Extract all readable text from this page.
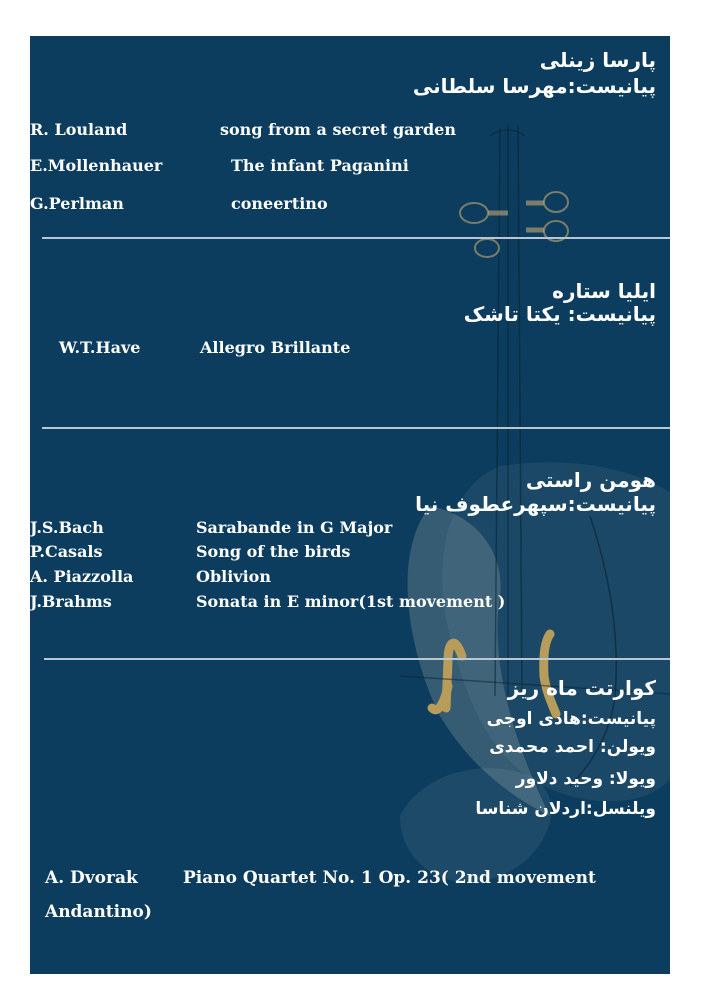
پارسا زینلی

پیانیست:مهرسا سلطانی

R. Louland	song from a secret garden
E.Mollenhauer	The infant Paganini
G.Perlman	coneertino

ایلیا ستاره

پیانیست: یکتا تاشک

W.T.Have	Allegro Brillante

هومن راستی

پیانیست:سپهرعطوف نیا

J.S.Bach	Sarabande in G Major
P.Casals	Song of the birds
A. Piazzolla	Oblivion
J.Brahms	Sonata in E minor(1st movement )

کوارتت ماه ریز

پیانیست:هادی اوجی

ویولن: احمد محمدی

ویولا: وحید دلاور

ویلنسل:اردلان شناسا

A. Dvorak	Piano Quartet No. 1 Op. 23( 2nd movement
Andantino)
